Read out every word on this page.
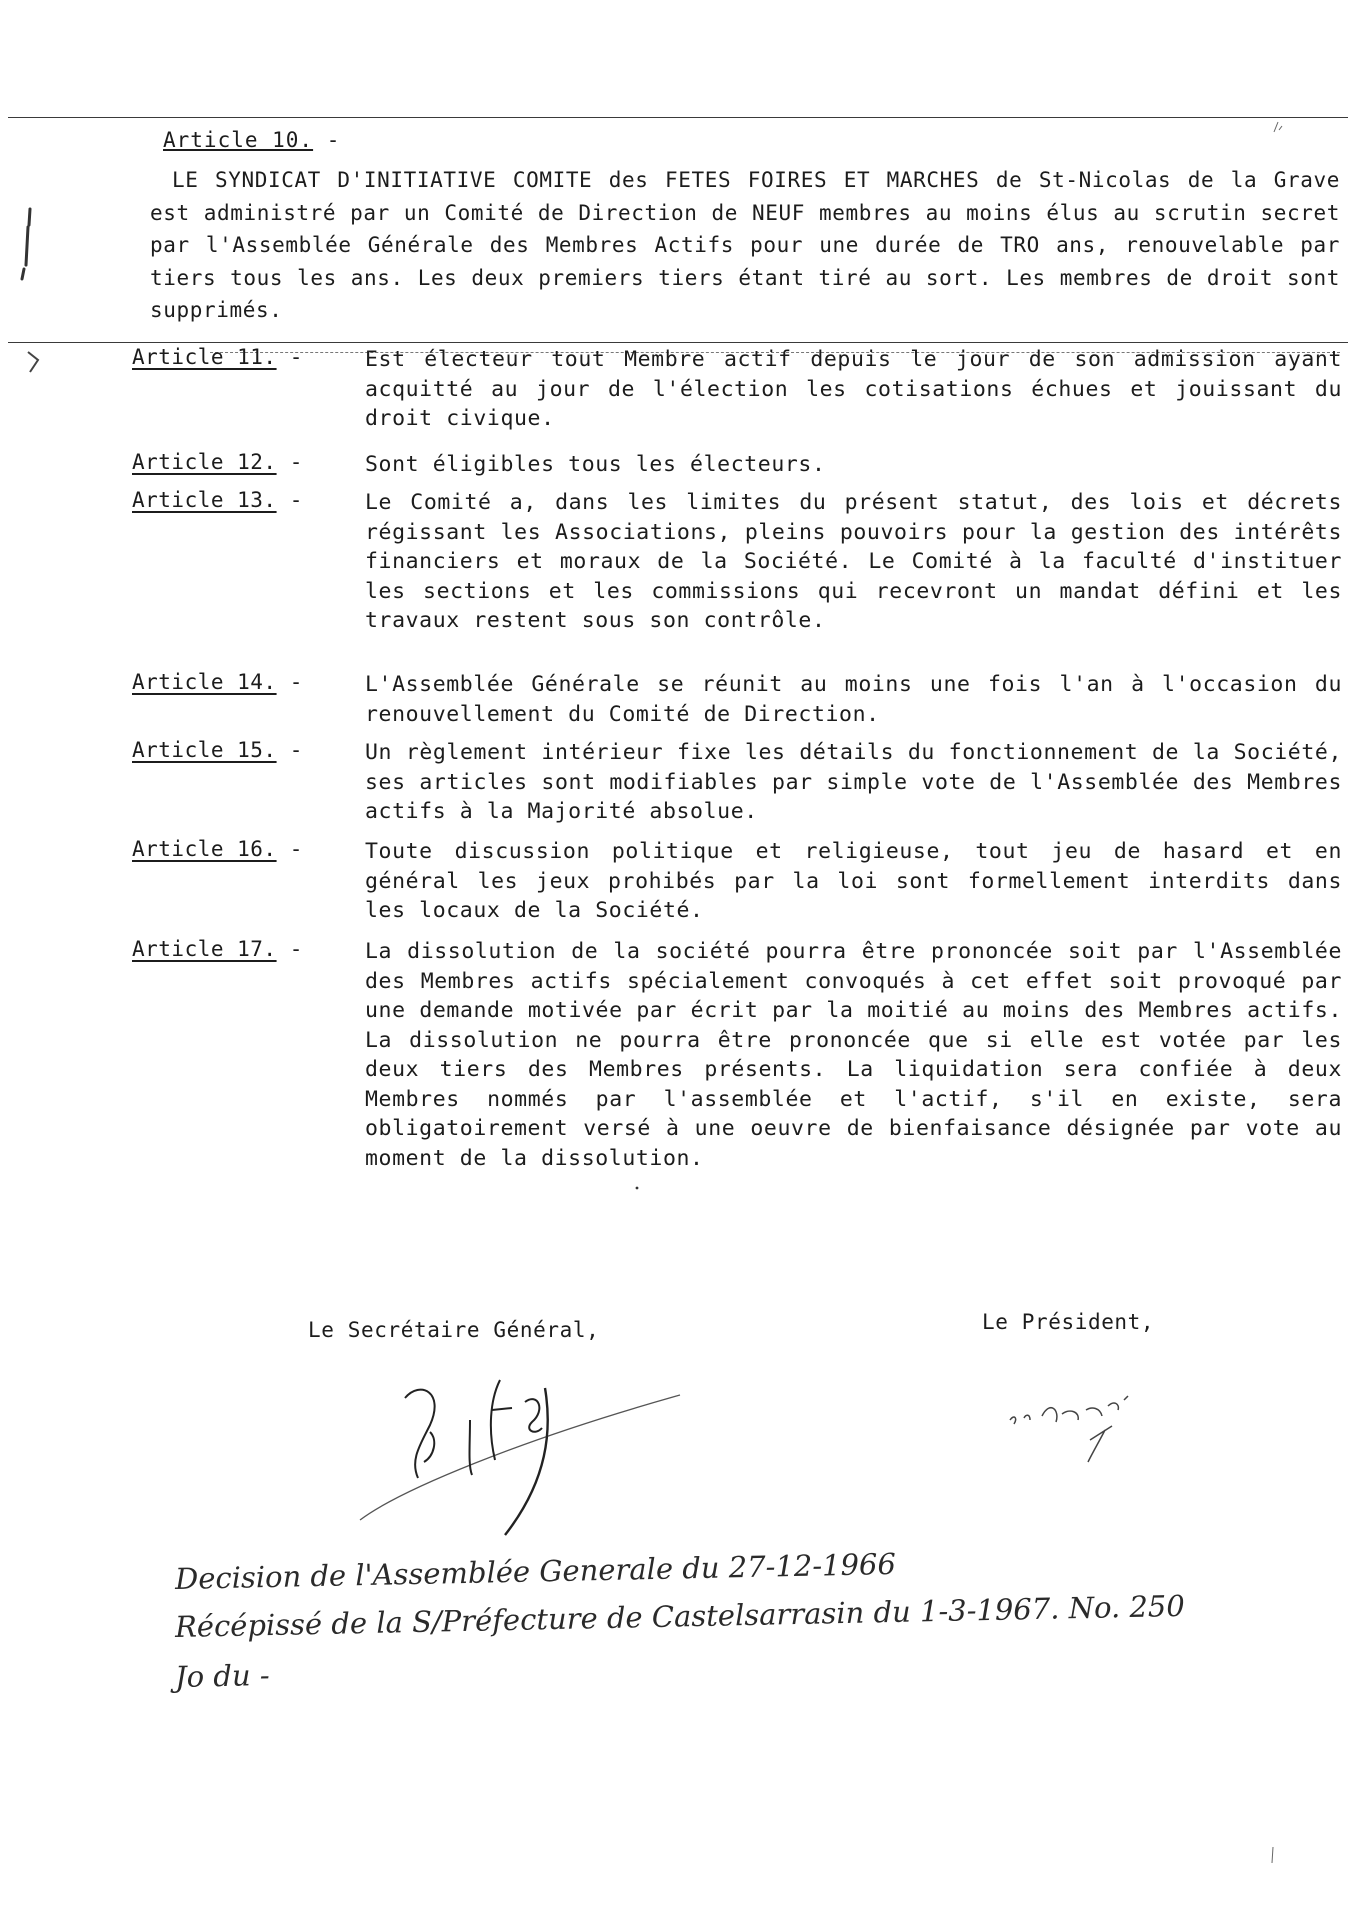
Article 10. -
LE SYNDICAT D'INITIATIVE COMITE des FETES FOIRES ET MARCHES de St-Nicolas de la Grave est administré par un Comité de Direction de NEUF membres au moins élus au scrutin secret par l'Assemblée Générale des Membres Actifs pour une durée de TRO ans, renouvelable par tiers tous les ans. Les deux premiers tiers étant tiré au sort. Les membres de droit sont supprimés.
Article 11. -	Est électeur tout Membre actif depuis le jour de son admission ayant acquitté au jour de l'élection les cotisations échues et jouissant du droit civique.
Article 12. -	Sont éligibles tous les électeurs.
Article 13. -	Le Comité a, dans les limites du présent statut, des lois et décrets régissant les Associations, pleins pouvoirs pour la gestion des intérêts financiers et moraux de la Société. Le Comité à la faculté d'instituer les sections et les commissions qui recevront un mandat défini et les travaux restent sous son contrôle.
Article 14. -	L'Assemblée Générale se réunit au moins une fois l'an à l'occasion du renouvellement du Comité de Direction.
Article 15. -	Un règlement intérieur fixe les détails du fonctionnement de la Société, ses articles sont modifiables par simple vote de l'Assemblée des Membres actifs à la Majorité absolue.
Article 16. -	Toute discussion politique et religieuse, tout jeu de hasard et en général les jeux prohibés par la loi sont formellement interdits dans les locaux de la Société.
Article 17. -	La dissolution de la société pourra être prononcée soit par l'Assemblée des Membres actifs spécialement convoqués à cet effet soit provoqué par une demande motivée par écrit par la moitié au moins des Membres actifs. La dissolution ne pourra être prononcée que si elle est votée par les deux tiers des Membres présents. La liquidation sera confiée à deux Membres nommés par l'assemblée et l'actif, s'il en existe, sera obligatoirement versé à une oeuvre de bienfaisance désignée par vote au moment de la dissolution.
Le Secrétaire Général,	Le Président,
Decision de l'Assemblée Generale du 27-12-1966
Récépissé de la S/Préfecture de Castelsarrasin du 1-3-1967. No. 250
Jo du -
